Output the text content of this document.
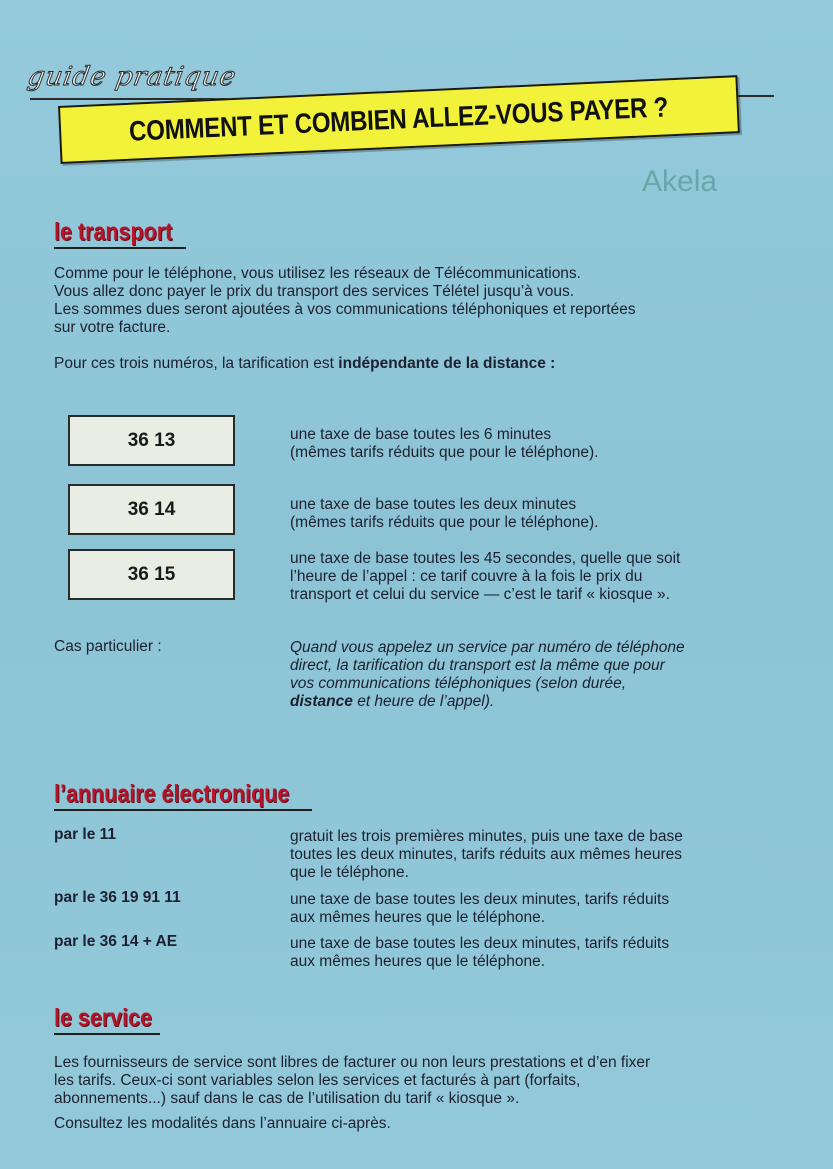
guide pratique
COMMENT ET COMBIEN ALLEZ-VOUS PAYER ?
Akela
le transport
Comme pour le téléphone, vous utilisez les réseaux de Télécommunications.
Vous allez donc payer le prix du transport des services Télétel jusqu’à vous.
Les sommes dues seront ajoutées à vos communications téléphoniques et reportées
sur votre facture.
Pour ces trois numéros, la tarification est indépendante de la distance :
36 13	une taxe de base toutes les 6 minutes
(mêmes tarifs réduits que pour le téléphone).
36 14	une taxe de base toutes les deux minutes
(mêmes tarifs réduits que pour le téléphone).
36 15
une taxe de base toutes les 45 secondes, quelle que soit
l’heure de l’appel : ce tarif couvre à la fois le prix du
transport et celui du service — c’est le tarif « kiosque ».
Cas particulier :	Quand vous appelez un service par numéro de téléphone
direct, la tarification du transport est la même que pour
vos communications téléphoniques (selon durée,
distance et heure de l’appel).
l’annuaire électronique
par le 11	gratuit les trois premières minutes, puis une taxe de base
toutes les deux minutes, tarifs réduits aux mêmes heures
que le téléphone.
par le 36 19 91 11	une taxe de base toutes les deux minutes, tarifs réduits
aux mêmes heures que le téléphone.
par le 36 14 + AE	une taxe de base toutes les deux minutes, tarifs réduits
aux mêmes heures que le téléphone.
le service
Les fournisseurs de service sont libres de facturer ou non leurs prestations et d’en fixer
les tarifs. Ceux-ci sont variables selon les services et facturés à part (forfaits,
abonnements...) sauf dans le cas de l’utilisation du tarif « kiosque ».
Consultez les modalités dans l’annuaire ci-après.
